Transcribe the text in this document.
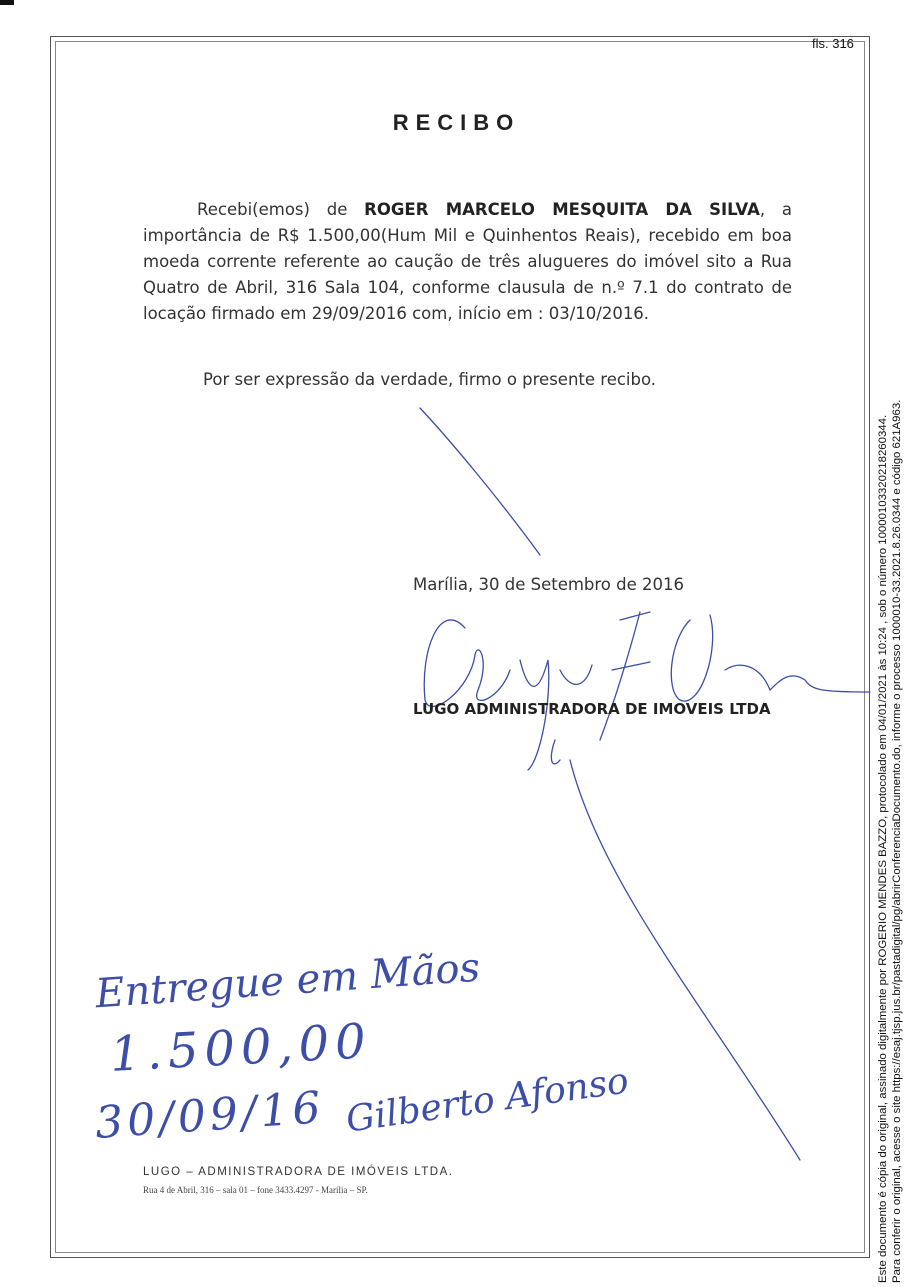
fls. 316
RECIBO
Recebi(emos) de ROGER MARCELO MESQUITA DA SILVA, a importância de R$ 1.500,00(Hum Mil e Quinhentos Reais), recebido em boa moeda corrente referente ao caução de três alugueres do imóvel sito a Rua Quatro de Abril, 316 Sala 104, conforme clausula de n.º 7.1 do contrato de locação firmado em 29/09/2016 com, início em : 03/10/2016.
Por ser expressão da verdade, firmo o presente recibo.
Marília, 30 de Setembro de 2016
LUGO ADMINISTRADORA DE IMOVEIS LTDA
Entregue em Mãos
1.500,00
30/09/16 Gilberto Afonso
LUGO – ADMINISTRADORA DE IMÓVEIS LTDA.
Rua 4 de Abril, 316 – sala 01 – fone 3433.4297 - Marília – SP.	Este documento é cópia do original, assinado digitalmente por ROGERIO MENDES BAZZO, protocolado em 04/01/2021 às 10:24 , sob o número 10000103320218260344. Para conferir o original, acesse o site https://esaj.tjsp.jus.br/pastadigital/pg/abrirConferenciaDocumento.do, informe o processo 1000010-33.2021.8.26.0344 e código 621A963.
